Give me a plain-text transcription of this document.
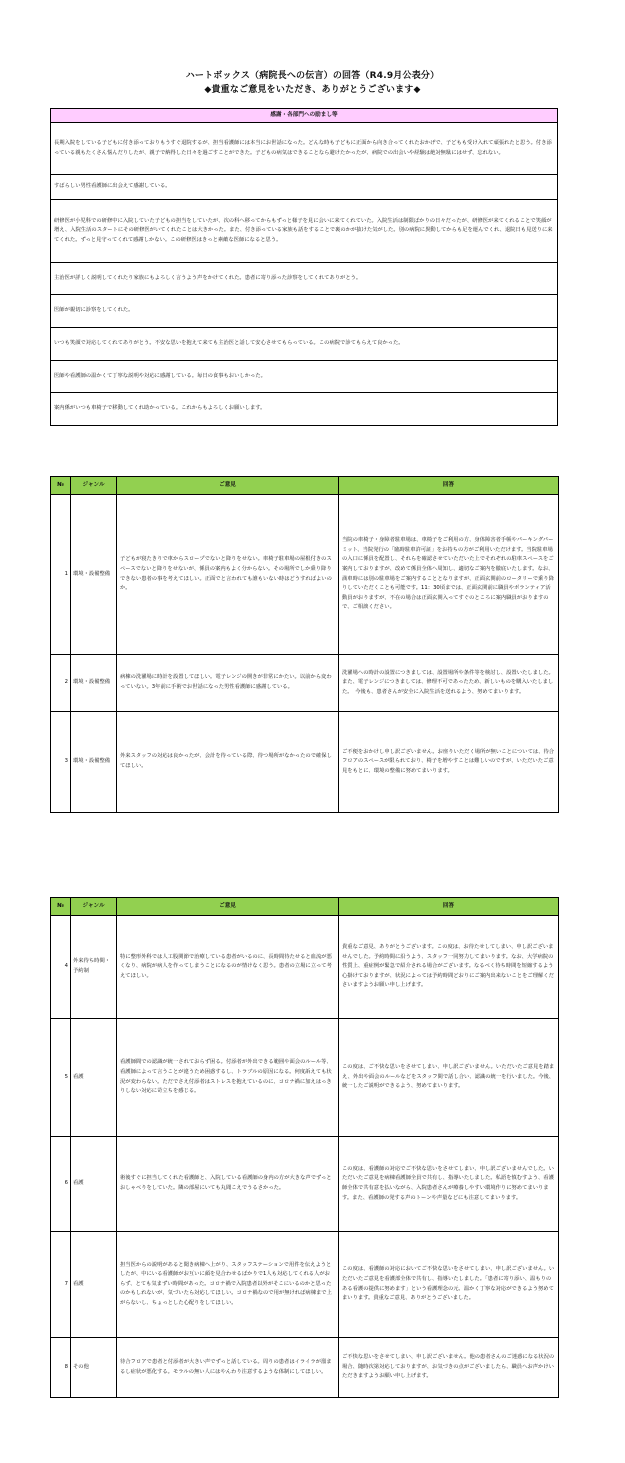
ハートボックス（病院長への伝言）の回答（R4.9月公表分）
◆貴重なご意見をいただき、ありがとうございます◆
感謝・各部門への励まし等
長期入院をしている子どもに付き添っておりもうすぐ退院するが、担当看護師には本当にお世話になった。どんな時も子どもに正面から向き合ってくれたおかげで、子どもも受け入れて頑張れたと思う。付き添っている親もたくさん悩んだりしたが、親子で納得した日々を過ごすことができた。子どもの病気はできることなら避けたかったが、病院での出会いや経験は絶対無駄にはせず、忘れない。
すばらしい男性看護師に出会えて感謝している。
研修医が小児科での研修中に入院していた子どもの担当をしていたが、次の科へ移ってからもずっと様子を見に会いに来てくれていた。入院生活は制限ばかりの日々だったが、研修医が来てくれることで笑顔が増え、入院生活のスタートにその研修医がいてくれたことは大きかった。また、付き添っている家族も話をすることで裏のかが抜けた気がした。別の病院に異動してからも足を運んでくれ、退院日も見送りに来てくれた。ずっと見守ってくれて感謝しかない。この研修医はきっと素敵な医師になると思う。
主治医が詳しく説明してくれたり家族にもよろしく言うよう声をかけてくれた。患者に寄り添った診察をしてくれてありがとう。
医師が親切に診察をしてくれた。
いつも笑顔で対応してくれてありがとう。不安な思いを抱えて来ても主治医と話して安心させてもらっている。この病院で診てもらえて良かった。
医師や看護師の温かくて丁寧な説明や対応に感謝している。毎日の食事もおいしかった。
案内係がいつも車椅子で移動してくれ助かっている。これからもよろしくお願いします。
№	ジャンル	ご意見	回答
1	環境・設備整備	子どもが寝たきりで車からスロープでないと降りをせない。車椅子駐車場の屋根付きのスペースでないと降りをせないが、係員の案内もよく分からない。その場所でしか乗り降りできない患者の事を考えてほしい。正面でと言われても誰もいない時はどうすればよいのか。	当院の車椅子・身障者駐車場は、車椅子をご利用の方、身体障害者手帳やパーキングパーミット、当院発行の「臨時駐車許可証」をお持ちの方がご利用いただけます。当院駐車場の入口に係員を配置し、それらを確認させていただいた上でそれぞれの駐車スペースをご案内しておりますが、改めて係員全体へ周知し、適切なご案内を徹底いたします。なお、満車時には別の駐車場をご案内することとなりますが、正面玄関前のロータリーで乗り降りしていただくことも可能です。11：30頃までは、正面玄関前に職員やボランティア活動員がおりますが、不在の場合は正面玄関入ってすぐのところに案内職員がおりますので、ご相談ください。
2	環境・設備整備	病棟の洗濯場に時計を設置してほしい。電子レンジの開きが非常にかたい。以前から変わっていない。3年前に手術でお世話になった男性看護師に感謝している。	洗濯場への時計の設置につきましては、設置場所や条件等を検討し、設置いたしました。また、電子レンジにつきましては、修理不可であったため、新しいものを購入いたしました。　今後も、患者さんが安全に入院生活を送れるよう、努めてまいります。
3	環境・設備整備	外来スタッフの対応は良かったが、会計を待っている際、待つ場所がなかったので確保してほしい。	ご不便をおかけし申し訳ございません。お座りいただく場所が無いことについては、待合フロアのスペースが限られており、椅子を増やすことは難しいのですが、いただいたご意見をもとに、環境の整備に努めてまいります。
№	ジャンル	ご意見	回答
4	外来待ち時間・予約制	特に整形外科では人工股関節で治療している患者がいるのに、長時間待たせると血流が悪くなり、病院が病人を作ってしまうことになるのが情けなく思う。患者の立場に立って考えてほしい。	貴重なご意見、ありがとうございます。この度は、お待たせしてしまい、申し訳ございませんでした。予約時間に沿うよう、スタッフ一同努力してまいります。なお、大学病院の性質上、重症例が緊急で紹介される場合がございます。なるべく待ち時間を短縮するよう心掛けておりますが、状況によっては予約時間どおりにご案内出来ないことをご理解くださいますようお願い申し上げます。
5	看護	看護師間での認識が統一されておらず困る。付添者が外出できる範囲や面会のルール等、看護師によって言うことが違うため困惑するし、トラブルの原因になる。何度訴えても状況が変わらない。ただでさえ付添者はストレスを抱えているのに、コロナ禍に加えはっきりしない対応に苛立ちを感じる。	この度は、ご不快な思いをさせてしまい、申し訳ございません。いただいたご意見を踏まえ、外出や面会のルールなどをスタッフ間で話し合い、認識の統一を行いました。今後、統一したご説明ができるよう、努めてまいります。
6	看護	術後すぐに担当してくれた看護師と、入院している看護師の身内の方が大きな声でずっとおしゃべりをしていた。隣の部屋にいても丸聞こえでうるさかった。	この度は、看護師の対応でご不快な思いをさせてしまい、申し訳ございませんでした。いただいたご意見を病棟看護師全員で共有し、指導いたしました。私語を慎むすよう、看護師全体で共有意を払いながら、入院患者さんが療養しやすい環境作りに努めてまいります。また、看護師の発する声のトーンや声量などにも注意してまいります。
7	看護	担当医からの説明があると聞き病棟へ上がり、スタッフステーションで用件を伝えようとしたが、中にいる看護師がお互いに顔を見合わせるばかりで1人も対応してくれる人がおらず、とても気まずい時間があった。コロナ禍で入院患者以外がそこにいるのかと思ったのかもしれないが、気づいたら対応してほしい。コロナ禍なので用が無ければ病棟まで上がらないし、ちょっとした心配りをしてほしい。	この度は、看護師の対応においてご不快な思いをさせてしまい、申し訳ございません。いただいたご意見を看護部全体で共有し、指導いたしました。「患者に寄り添い、温もりのある看護の提供に努めます」という看護理念の元、温かく丁寧な対応ができるよう努めてまいります。貴重なご意見、ありがとうございました。
8	その他	待合フロアで患者と付添者が大きい声でずっと話している。周りの患者はイライラが溜まるし症状が悪化する。モラルの無い人にはやんわり注意するような体制にしてほしい。	ご不快な思いをさせてしまい、申し訳ございません。他の患者さんのご迷惑になる状況の場合、随時次第対応しておりますが、お気づきの点がございましたら、職員へお声かけいただきますようお願い申し上げます。
